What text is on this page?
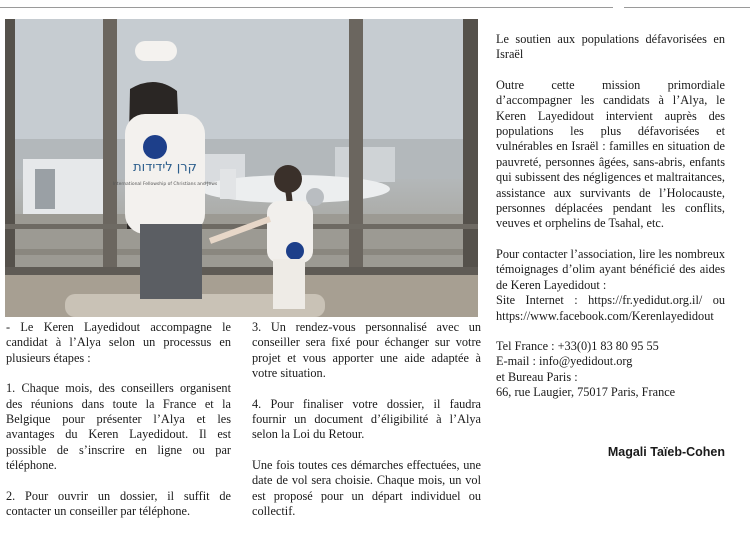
קרן לידידות
International Fellowship of Christians and Jews

- Le Keren Layedidout accompagne le candidat à l’Alya selon un processus en plusieurs étapes :

1. Chaque mois, des conseillers organisent des réunions dans toute la France et la Belgique pour présenter l’Alya et les avantages du Keren Layedidout. Il est possible de s’inscrire en ligne ou par téléphone.

2. Pour ouvrir un dossier, il suffit de contacter un conseiller par téléphone.

3. Un rendez-vous personnalisé avec un conseiller sera fixé pour échanger sur votre projet et vous apporter une aide adaptée à votre situation.

4. Pour finaliser votre dossier, il faudra fournir un document d’éligibilité à l’Alya selon la Loi du Retour.

Une fois toutes ces démarches effectuées, une date de vol sera choisie. Chaque mois, un vol est proposé pour un départ individuel ou collectif.

Le soutien aux populations défavorisées en Israël

Outre cette mission primordiale d’accompagner les candidats à l’Alya, le Keren Layedidout intervient auprès des populations les plus défavorisées et vulnérables en Israël : familles en situation de pauvreté, personnes âgées, sans-abris, enfants qui subissent des négligences et maltraitances, assistance aux survivants de l’Holocauste, personnes déplacées pendant les conflits, veuves et orphelins de Tsahal, etc.

Pour contacter l’association, lire les nombreux témoignages d’olim ayant bénéficié des aides de Keren Layedidout :

Site Internet : https://fr.yedidut.org.il/ ou https://www.facebook.com/Kerenlayedidout

Tel France : +33(0)1 83 80 95 55
E-mail : info@yedidout.org
et Bureau Paris :
66, rue Laugier, 75017 Paris, France
Magali Taïeb-Cohen
